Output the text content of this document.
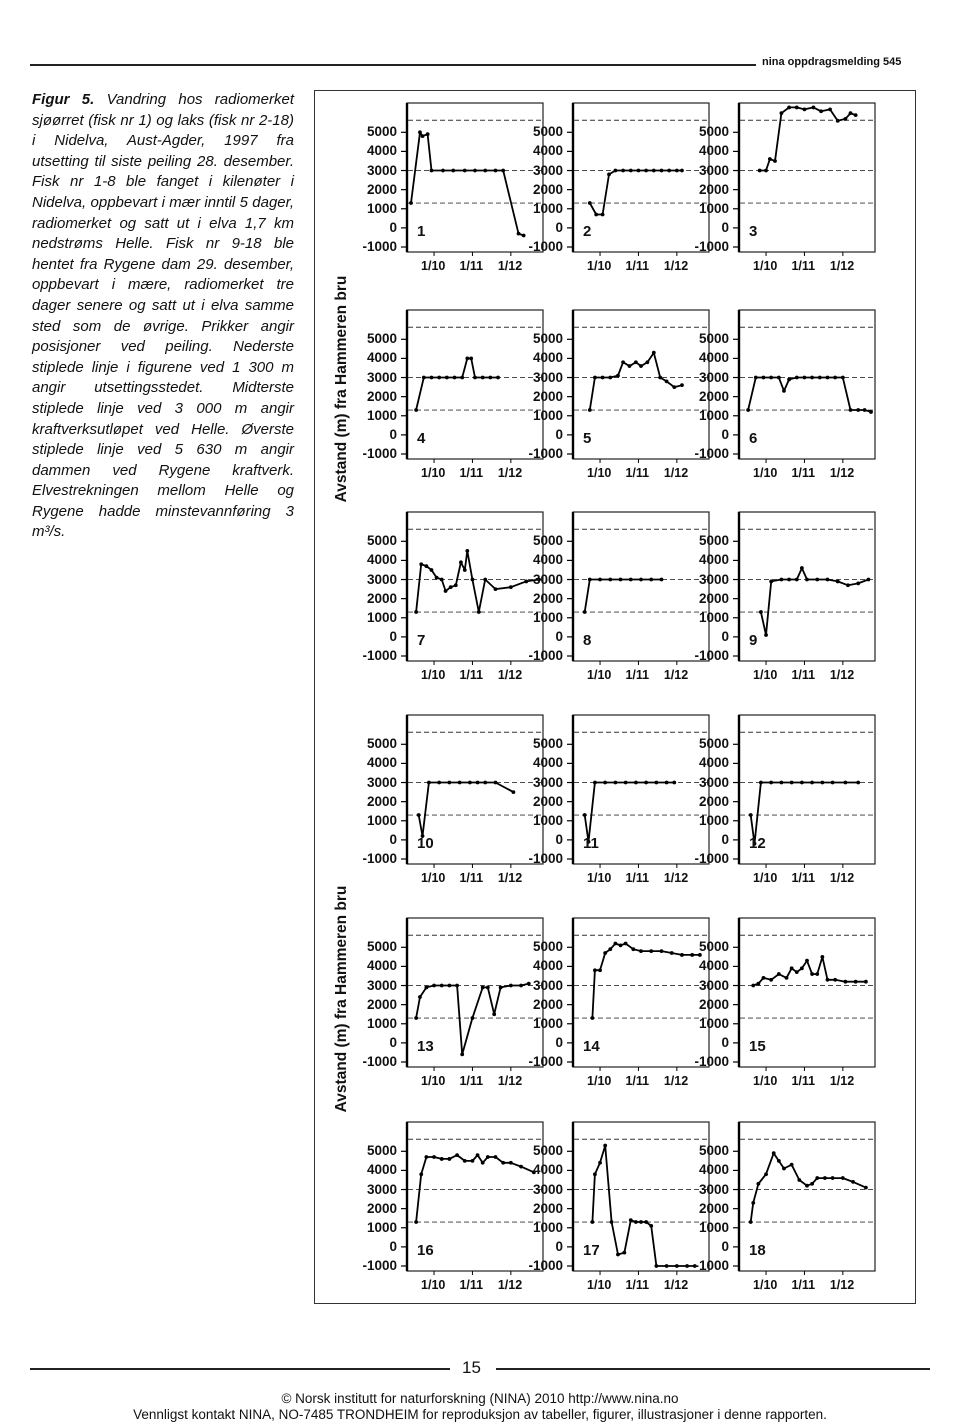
nina oppdragsmelding 545
Figur 5. Vandring hos radiomerket sjøørret (fisk nr 1) og laks (fisk nr 2-18) i Nidelva, Aust-Agder, 1997 fra utsetting til siste peiling 28. desember. Fisk nr 1-8 ble fanget i kilenøter i Nidelva, oppbevart i mær inntil 5 dager, radiomerket og satt ut i elva 1,7 km nedstrøms Helle. Fisk nr 9-18 ble hentet fra Rygene dam 29. desember, oppbevart i mære, radiomerket tre dager senere og satt ut i elva samme sted som de øvrige. Prikker angir posisjoner ved peiling. Nederste stiplede linje i figurene ved 1 300 m angir utsettingsstedet. Midterste stiplede linje ved 3 000 m angir kraftverksutløpet ved Helle. Øverste stiplede linje ved 5 630 m angir dammen ved Rygene kraftverk. Elvestrekningen mellom Helle og Rygene hadde minstevannføring 3 m³/s.
Avstand (m) fra Hammeren bru
Avstand (m) fra Hammeren bru
5000
4000
3000
2000
1000
0
-1000
1/10 1/11 1/12
1
5000
4000
3000
2000
1000
0
-1000
1/10 1/11 1/12
2
5000
4000
3000
2000
1000
0
-1000
1/10 1/11 1/12
3
5000
4000
3000
2000
1000
0
-1000
1/10 1/11 1/12
4
5000
4000
3000
2000
1000
0
-1000
1/10 1/11 1/12
5
5000
4000
3000
2000
1000
0
-1000
1/10 1/11 1/12
6
5000
4000
3000
2000
1000
0
-1000
1/10 1/11 1/12
7
5000
4000
3000
2000
1000
0
-1000
1/10 1/11 1/12
8
5000
4000
3000
2000
1000
0
-1000
1/10 1/11 1/12
9
5000
4000
3000
2000
1000
0
-1000
1/10 1/11 1/12
10
5000
4000
3000
2000
1000
0
-1000
1/10 1/11 1/12
11
5000
4000
3000
2000
1000
0
-1000
1/10 1/11 1/12
12
5000
4000
3000
2000
1000
0
-1000
1/10 1/11 1/12
13
5000
4000
3000
2000
1000
0
-1000
1/10 1/11 1/12
14
5000
4000
3000
2000
1000
0
-1000
1/10 1/11 1/12
15
5000
4000
3000
2000
1000
0
-1000
1/10 1/11 1/12
16
5000
4000
3000
2000
1000
0
-1000
1/10 1/11 1/12
17
5000
4000
3000
2000
1000
0
-1000
1/10 1/11 1/12
18
15
© Norsk institutt for naturforskning (NINA) 2010 http://www.nina.no
Vennligst kontakt NINA, NO-7485 TRONDHEIM for reproduksjon av tabeller, figurer, illustrasjoner i denne rapporten.
